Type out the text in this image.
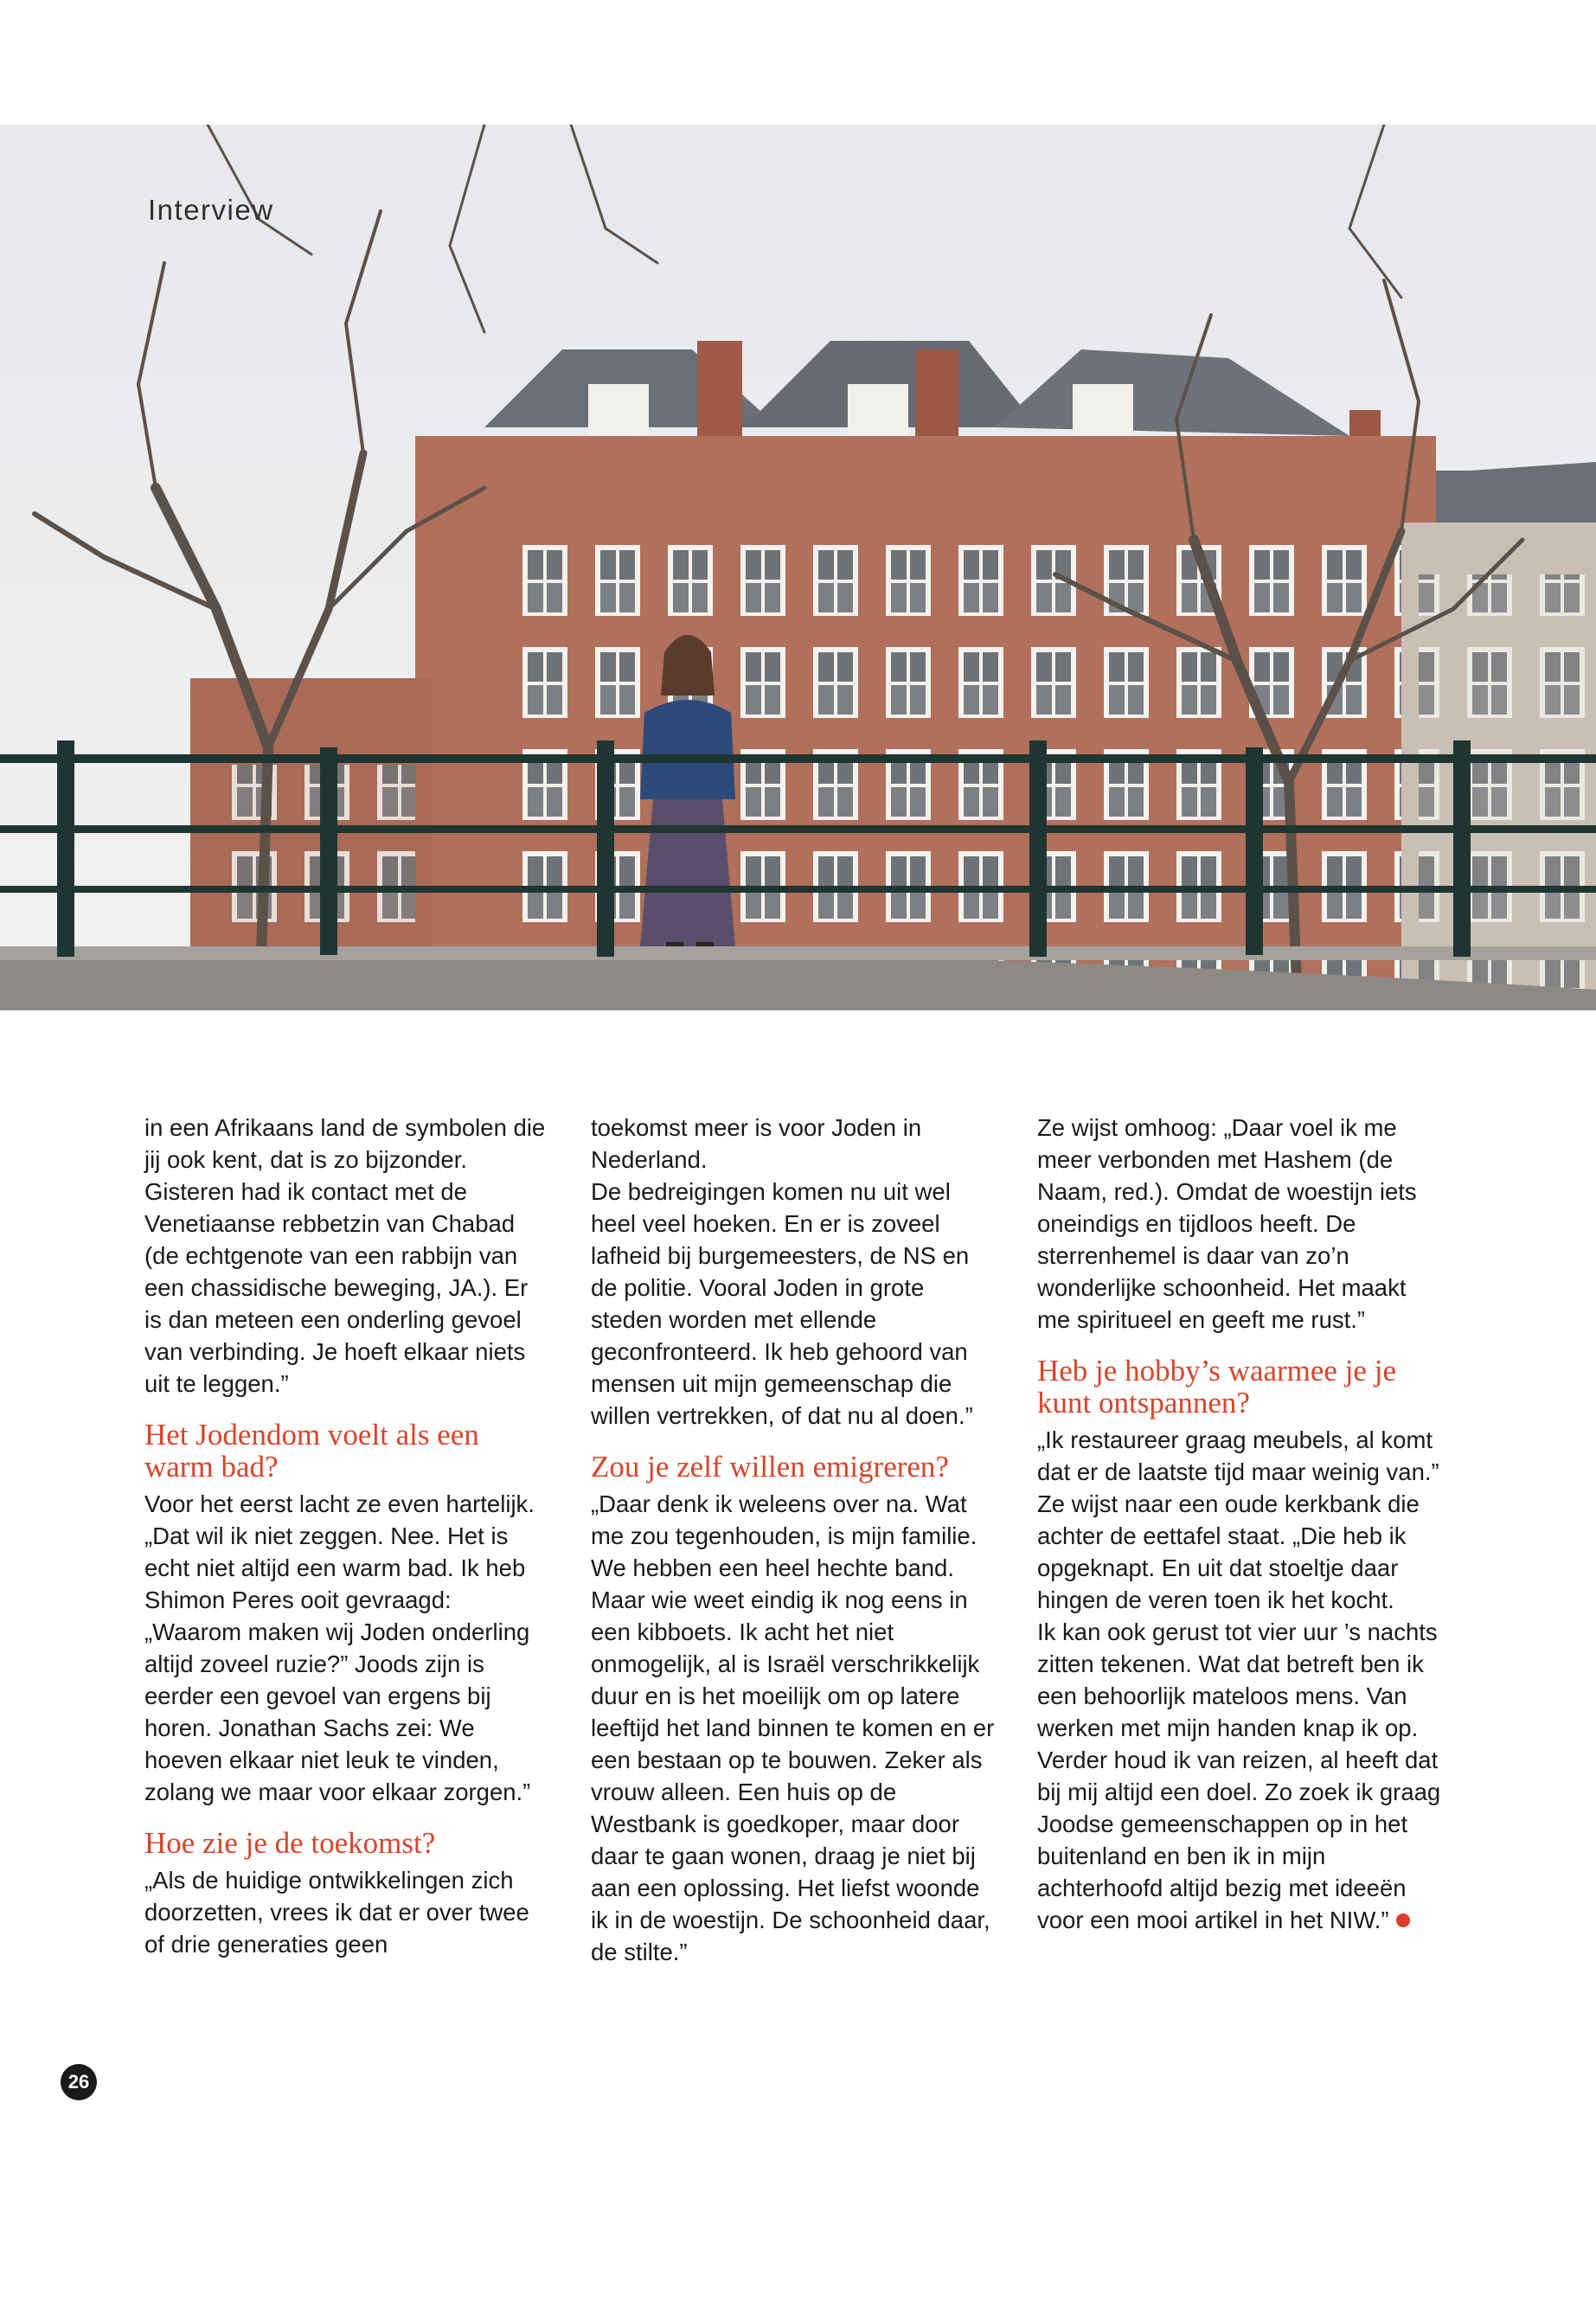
Interview

in een Afrikaans land de symbolen die jij ook kent, dat is zo bijzonder. Gisteren had ik contact met de Venetiaanse rebbetzin van Chabad (de echtgenote van een rabbijn van een chassidische beweging, JA.). Er is dan meteen een onderling gevoel van verbinding. Je hoeft elkaar niets uit te leggen.”

Het Jodendom voelt als een warm bad?

Voor het eerst lacht ze even hartelijk.

„Dat wil ik niet zeggen. Nee. Het is echt niet altijd een warm bad. Ik heb Shimon Peres ooit gevraagd: „Waarom maken wij Joden onderling altijd zoveel ruzie?” Joods zijn is eerder een gevoel van ergens bij horen. Jonathan Sachs zei: We hoeven elkaar niet leuk te vinden, zolang we maar voor elkaar zorgen.”

Hoe zie je de toekomst?

„Als de huidige ontwikkelingen zich doorzetten, vrees ik dat er over twee of drie generaties geen

toekomst meer is voor Joden in Nederland.

De bedreigingen komen nu uit wel heel veel hoeken. En er is zoveel lafheid bij burgemeesters, de NS en de politie. Vooral Joden in grote steden worden met ellende geconfronteerd. Ik heb gehoord van mensen uit mijn gemeenschap die willen vertrekken, of dat nu al doen.”

Zou je zelf willen emigreren?

„Daar denk ik weleens over na. Wat me zou tegenhouden, is mijn familie. We hebben een heel hechte band. Maar wie weet eindig ik nog eens in een kibboets. Ik acht het niet onmogelijk, al is Israël verschrikkelijk duur en is het moeilijk om op latere leeftijd het land binnen te komen en er een bestaan op te bouwen. Zeker als vrouw alleen. Een huis op de Westbank is goedkoper, maar door daar te gaan wonen, draag je niet bij aan een oplossing. Het liefst woonde ik in de woestijn. De schoonheid daar, de stilte.”

Ze wijst omhoog: „Daar voel ik me meer verbonden met Hashem (de Naam, red.). Omdat de woestijn iets oneindigs en tijdloos heeft. De sterrenhemel is daar van zo’n wonderlijke schoonheid. Het maakt me spiritueel en geeft me rust.”

Heb je hobby’s waarmee je je kunt ontspannen?

„Ik restaureer graag meubels, al komt dat er de laatste tijd maar weinig van.” Ze wijst naar een oude kerkbank die achter de eettafel staat. „Die heb ik opgeknapt. En uit dat stoeltje daar hingen de veren toen ik het kocht.

Ik kan ook gerust tot vier uur ’s nachts zitten tekenen. Wat dat betreft ben ik een behoorlijk mateloos mens. Van werken met mijn handen knap ik op.

Verder houd ik van reizen, al heeft dat bij mij altijd een doel. Zo zoek ik graag Joodse gemeenschappen op in het buitenland en ben ik in mijn achterhoofd altijd bezig met ideeën voor een mooi artikel in het NIW.”

26
